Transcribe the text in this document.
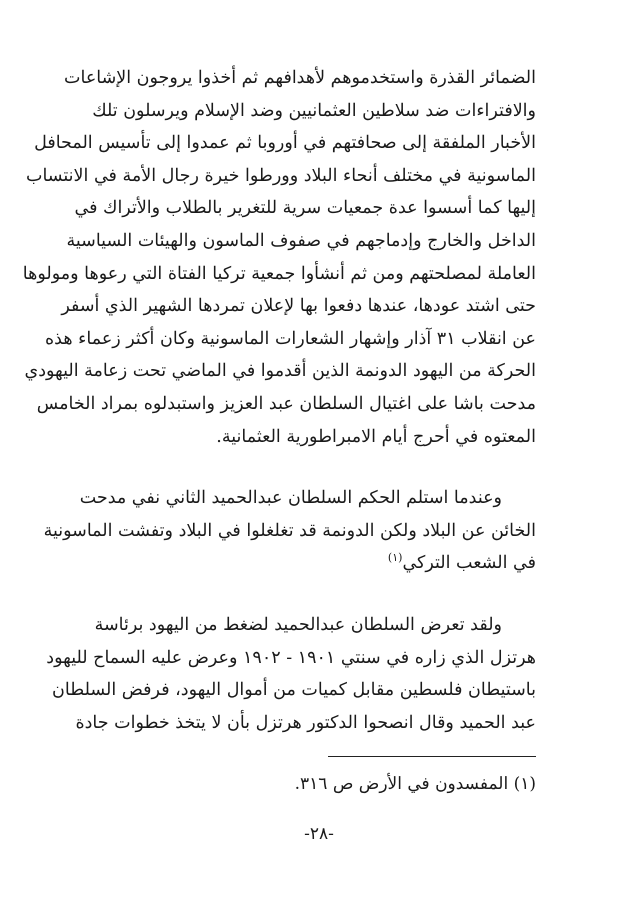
الضمائر القذرة واستخدموهم لأهدافهم ثم أخذوا يروجون الإشاعات
والافتراءات ضد سلاطين العثمانيين وضد الإسلام ويرسلون تلك
الأخبار الملفقة إلى صحافتهم في أوروبا ثم عمدوا إلى تأسيس المحافل
الماسونية في مختلف أنحاء البلاد وورطوا خيرة رجال الأمة في الانتساب
إليها كما أسسوا عدة جمعيات سرية للتغرير بالطلاب والأتراك في
الداخل والخارج وإدماجهم في صفوف الماسون والهيئات السياسية
العاملة لمصلحتهم ومن ثم أنشأوا جمعية تركيا الفتاة التي رعوها ومولوها
حتى اشتد عودها، عندها دفعوا بها لإعلان تمردها الشهير الذي أسفر
عن انقلاب ٣١ آذار وإشهار الشعارات الماسونية وكان أكثر زعماء هذه
الحركة من اليهود الدونمة الذين أقدموا في الماضي تحت زعامة اليهودي
مدحت باشا على اغتيال السلطان عبد العزيز واستبدلوه بمراد الخامس
المعتوه في أحرج أيام الامبراطورية العثمانية.
وعندما استلم الحكم السلطان عبدالحميد الثاني نفي مدحت
الخائن عن البلاد ولكن الدونمة قد تغلغلوا في البلاد وتفشت الماسونية
في الشعب التركي$^{(١)}$
ولقد تعرض السلطان عبدالحميد لضغط من اليهود برئاسة
هرتزل الذي زاره في سنتي ١٩٠١ - ١٩٠٢ وعرض عليه السماح لليهود
باستيطان فلسطين مقابل كميات من أموال اليهود، فرفض السلطان
عبد الحميد وقال انصحوا الدكتور هرتزل بأن لا يتخذ خطوات جادة
(١) المفسدون في الأرض ص ٣١٦.
-٢٨-
